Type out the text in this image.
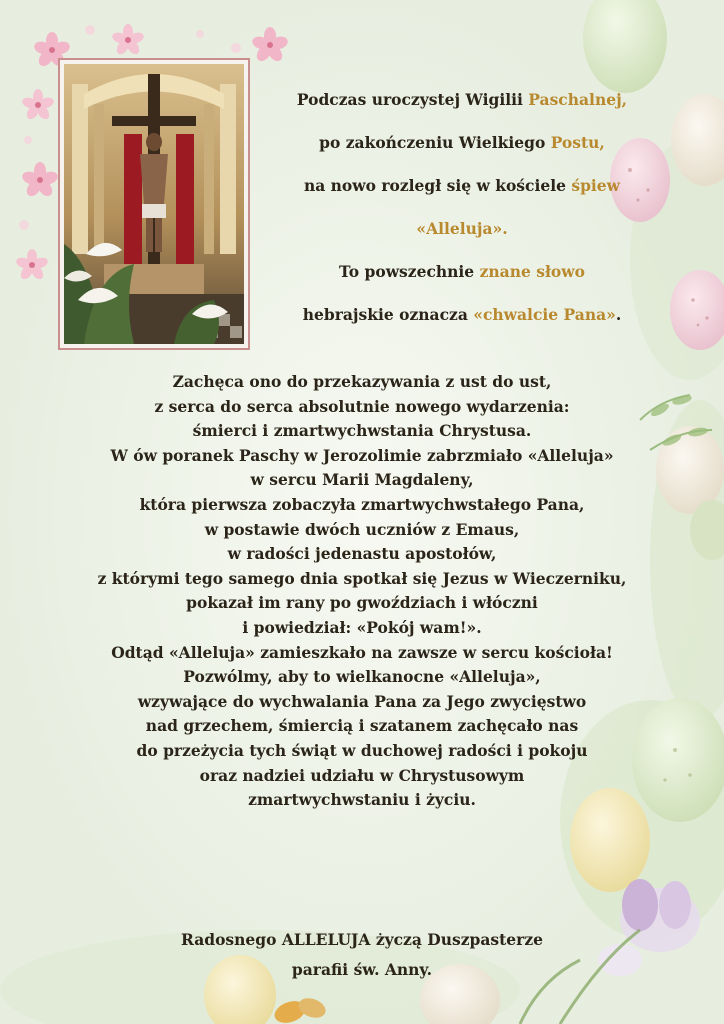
Podczas uroczystej Wigilii Paschalnej,
po zakończeniu Wielkiego Postu,
na nowo rozległ się w kościele śpiew
«Alleluja».
To powszechnie znane słowo
hebrajskie oznacza «chwalcie Pana».
Zachęca ono do przekazywania z ust do ust,
z serca do serca absolutnie nowego wydarzenia:
śmierci i zmartwychwstania Chrystusa.
W ów poranek Paschy w Jerozolimie zabrzmiało «Alleluja»
w sercu Marii Magdaleny,
która pierwsza zobaczyła zmartwychwstałego Pana,
w postawie dwóch uczniów z Emaus,
w radości jedenastu apostołów,
z którymi tego samego dnia spotkał się Jezus w Wieczerniku,
pokazał im rany po gwoździach i włóczni
i powiedział: «Pokój wam!».
Odtąd «Alleluja» zamieszkało na zawsze w sercu kościoła!
Pozwólmy, aby to wielkanocne «Alleluja»,
wzywające do wychwalania Pana za Jego zwycięstwo
nad grzechem, śmiercią i szatanem zachęcało nas
do przeżycia tych świąt w duchowej radości i pokoju
oraz nadziei udziału w Chrystusowym
zmartwychwstaniu i życiu.
Radosnego ALLELUJA życzą Duszpasterze
parafii św. Anny.
